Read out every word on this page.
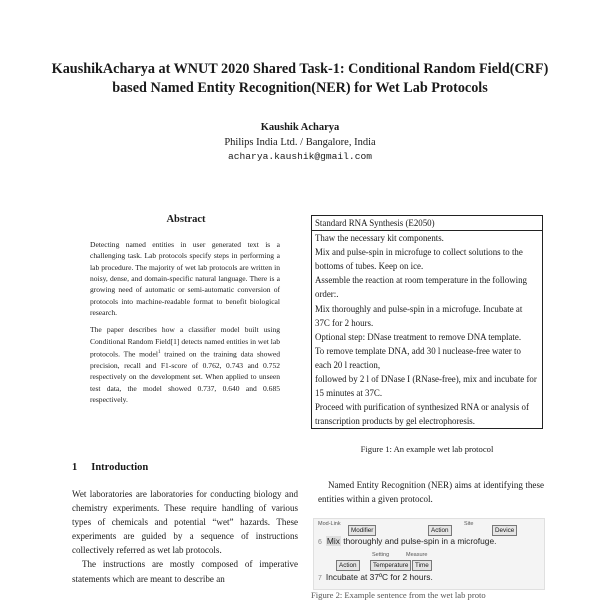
KaushikAcharya at WNUT 2020 Shared Task-1: Conditional Random Field(CRF) based Named Entity Recognition(NER) for Wet Lab Protocols
Kaushik Acharya
Philips India Ltd. / Bangalore, India
acharya.kaushik@gmail.com
Abstract

Detecting named entities in user generated text is a challenging task. Lab protocols specify steps in performing a lab procedure. The majority of wet lab protocols are written in noisy, dense, and domain-specific natural language. There is a growing need of automatic or semi-automatic conversion of protocols into machine-readable format to benefit biological research.

The paper describes how a classifier model built using Conditional Random Field[1] detects named entities in wet lab protocols. The model$^1$ trained on the training data showed precision, recall and F1-score of 0.762, 0.743 and 0.752 respectively on the development set. When applied to unseen test data, the model showed 0.737, 0.640 and 0.685 respectively.

1 Introduction

Wet laboratories are laboratories for conducting biology and chemistry experiments. These require handling of various types of chemicals and potential “wet” hazards. These experiments are guided by a sequence of instructions collectively referred as wet lab protocols.

The instructions are mostly composed of imperative statements which are meant to describe an

Standard RNA Synthesis (E2050)
Thaw the necessary kit components.
Mix and pulse-spin in microfuge to collect solutions to the bottoms of tubes. Keep on ice.
Assemble the reaction at room temperature in the following order:.
Mix thoroughly and pulse-spin in a microfuge. Incubate at 37C for 2 hours.
Optional step: DNase treatment to remove DNA template.
To remove template DNA, add 30 l nuclease-free water to each 20 l reaction,
followed by 2 l of DNase I (RNase-free), mix and incubate for 15 minutes at 37C.
Proceed with purification of synthesized RNA or analysis of transcription products by gel electrophoresis.
Figure 1: An example wet lab protocol
Named Entity Recognition (NER) aims at identifying these entities within a given protocol.
Mod-Link
Modifier	Action
Site
Device
6 Mix thoroughly and pulse-spin in a microfuge.
Setting	Measure
Action	Temperature	Time
7 Incubate at 37ºC for 2 hours.
Figure 2: Example sentence from the wet lab proto
